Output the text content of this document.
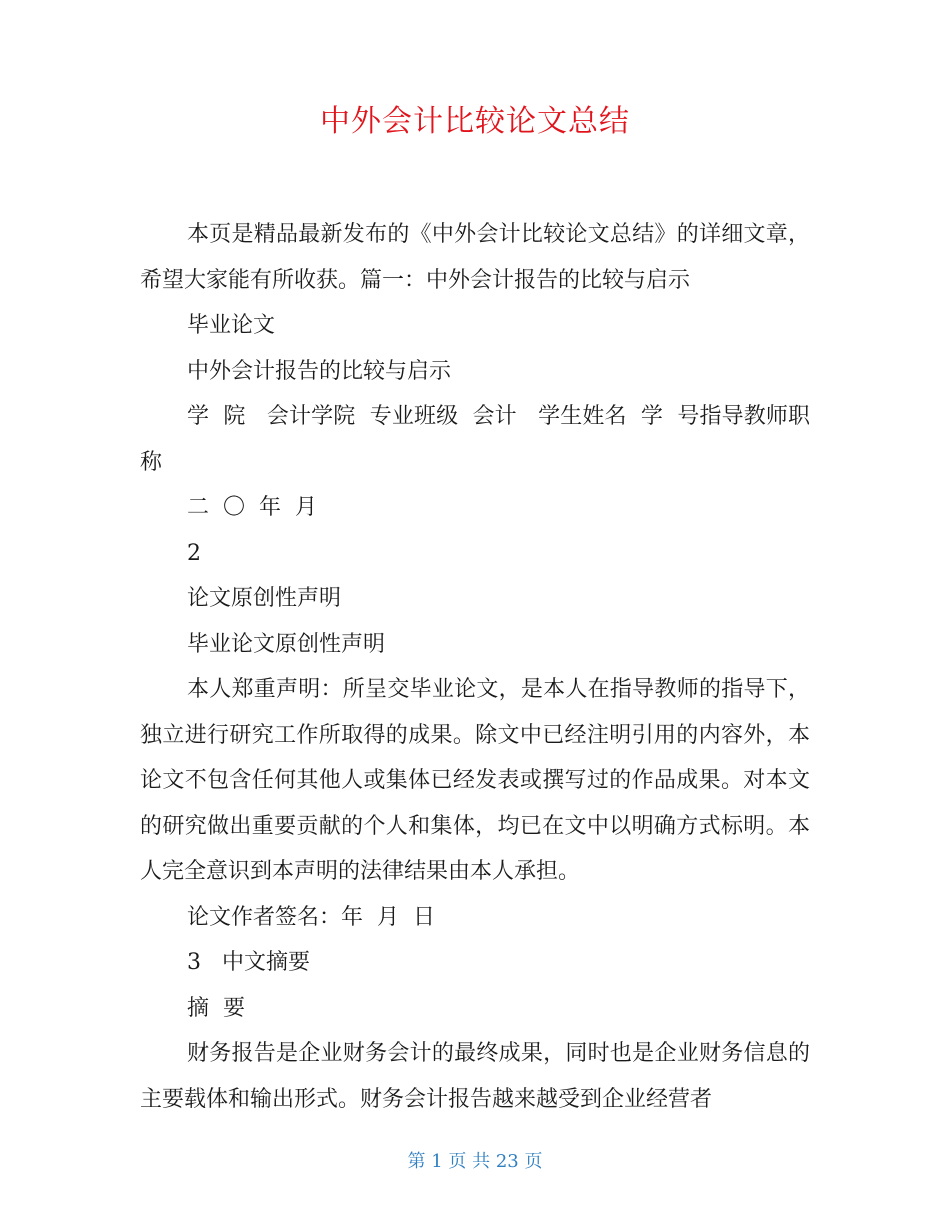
中外会计比较论文总结

本页是精品最新发布的《中外会计比较论文总结》的详细文章，希望大家能有所收获。篇一：中外会计报告的比较与启示

毕业论文

中外会计报告的比较与启示

学  院   会计学院  专业班级  会计   学生姓名  学  号指导教师职  称

二  〇  年  月

2

论文原创性声明

毕业论文原创性声明

本人郑重声明：所呈交毕业论文，是本人在指导教师的指导下，独立进行研究工作所取得的成果。除文中已经注明引用的内容外，本论文不包含任何其他人或集体已经发表或撰写过的作品成果。对本文的研究做出重要贡献的个人和集体，均已在文中以明确方式标明。本人完全意识到本声明的法律结果由本人承担。

论文作者签名：年  月  日

3   中文摘要

摘  要

财务报告是企业财务会计的最终成果，同时也是企业财务信息的主要载体和输出形式。财务会计报告越来越受到企业经营者

第 1 页 共 23 页
